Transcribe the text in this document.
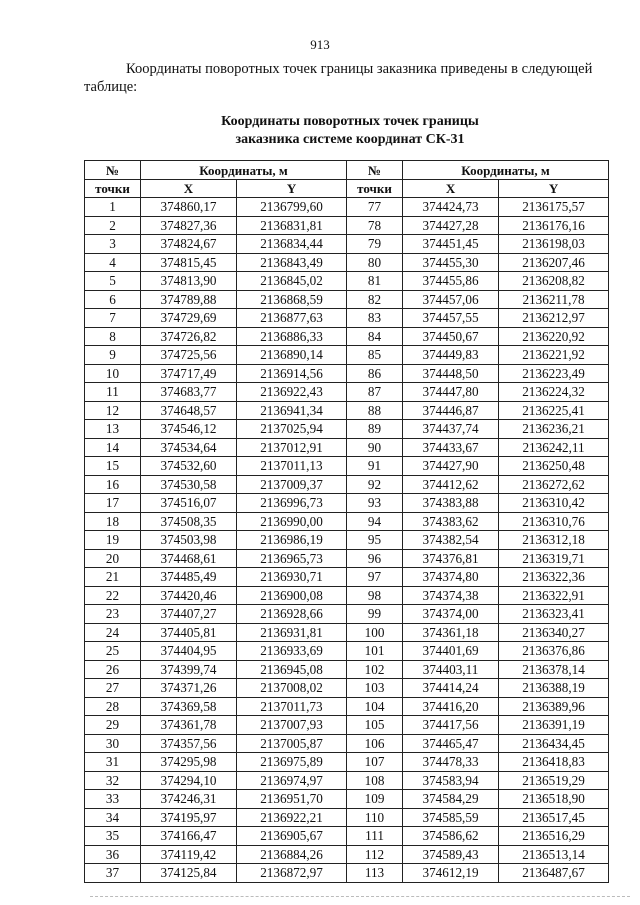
913

Координаты поворотных точек границы заказника приведены в следующей таблице:

Координаты поворотных точек границы
заказника системе координат СК-31
№	Координаты, м		№	Координаты, м	
точки	X	Y	точки	X	Y
1	374860,17	2136799,60	77	374424,73	2136175,57
2	374827,36	2136831,81	78	374427,28	2136176,16
3	374824,67	2136834,44	79	374451,45	2136198,03
4	374815,45	2136843,49	80	374455,30	2136207,46
5	374813,90	2136845,02	81	374455,86	2136208,82
6	374789,88	2136868,59	82	374457,06	2136211,78
7	374729,69	2136877,63	83	374457,55	2136212,97
8	374726,82	2136886,33	84	374450,67	2136220,92
9	374725,56	2136890,14	85	374449,83	2136221,92
10	374717,49	2136914,56	86	374448,50	2136223,49
11	374683,77	2136922,43	87	374447,80	2136224,32
12	374648,57	2136941,34	88	374446,87	2136225,41
13	374546,12	2137025,94	89	374437,74	2136236,21
14	374534,64	2137012,91	90	374433,67	2136242,11
15	374532,60	2137011,13	91	374427,90	2136250,48
16	374530,58	2137009,37	92	374412,62	2136272,62
17	374516,07	2136996,73	93	374383,88	2136310,42
18	374508,35	2136990,00	94	374383,62	2136310,76
19	374503,98	2136986,19	95	374382,54	2136312,18
20	374468,61	2136965,73	96	374376,81	2136319,71
21	374485,49	2136930,71	97	374374,80	2136322,36
22	374420,46	2136900,08	98	374374,38	2136322,91
23	374407,27	2136928,66	99	374374,00	2136323,41
24	374405,81	2136931,81	100	374361,18	2136340,27
25	374404,95	2136933,69	101	374401,69	2136376,86
26	374399,74	2136945,08	102	374403,11	2136378,14
27	374371,26	2137008,02	103	374414,24	2136388,19
28	374369,58	2137011,73	104	374416,20	2136389,96
29	374361,78	2137007,93	105	374417,56	2136391,19
30	374357,56	2137005,87	106	374465,47	2136434,45
31	374295,98	2136975,89	107	374478,33	2136418,83
32	374294,10	2136974,97	108	374583,94	2136519,29
33	374246,31	2136951,70	109	374584,29	2136518,90
34	374195,97	2136922,21	110	374585,59	2136517,45
35	374166,47	2136905,67	111	374586,62	2136516,29
36	374119,42	2136884,26	112	374589,43	2136513,14
37	374125,84	2136872,97	113	374612,19	2136487,67
